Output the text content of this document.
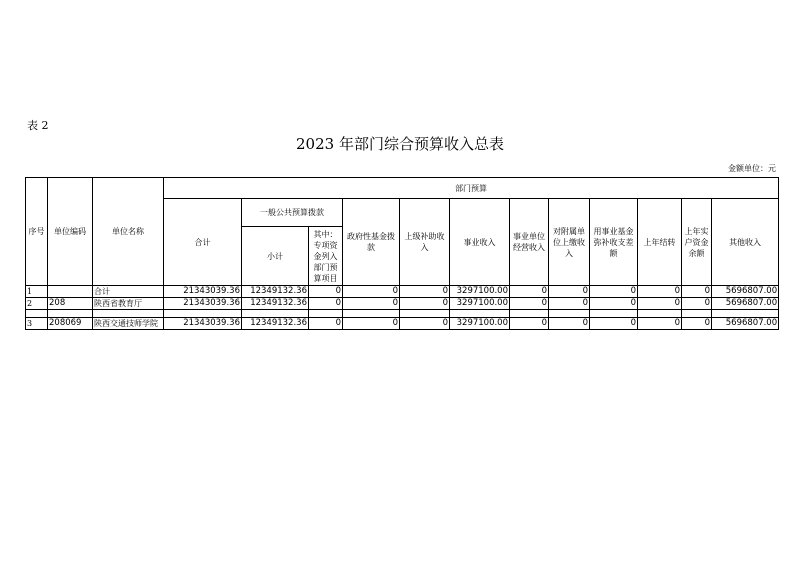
表 2
2023 年部门综合预算收入总表
金额单位：元
序号	单位编码	单位名称	部门预算											
			合计	一般公共预算拨款		政府性基金拨款	上级补助收入	事业收入	事业单位经营收入	对附属单位上缴收入	用事业基金弥补收支差额	上年结转	上年实户资金余额	其他收入
				小计	其中：专项资金列入部门预算项目									
1		合计	21343039.36	12349132.36	0	0	0	3297100.00	0	0	0	0	0	5696807.00
2	208	陕西省教育厅	21343039.36	12349132.36	0	0	0	3297100.00	0	0	0	0	0	5696807.00

3	208069	陕西交通技师学院	21343039.36	12349132.36	0	0	0	3297100.00	0	0	0	0	0	5696807.00
